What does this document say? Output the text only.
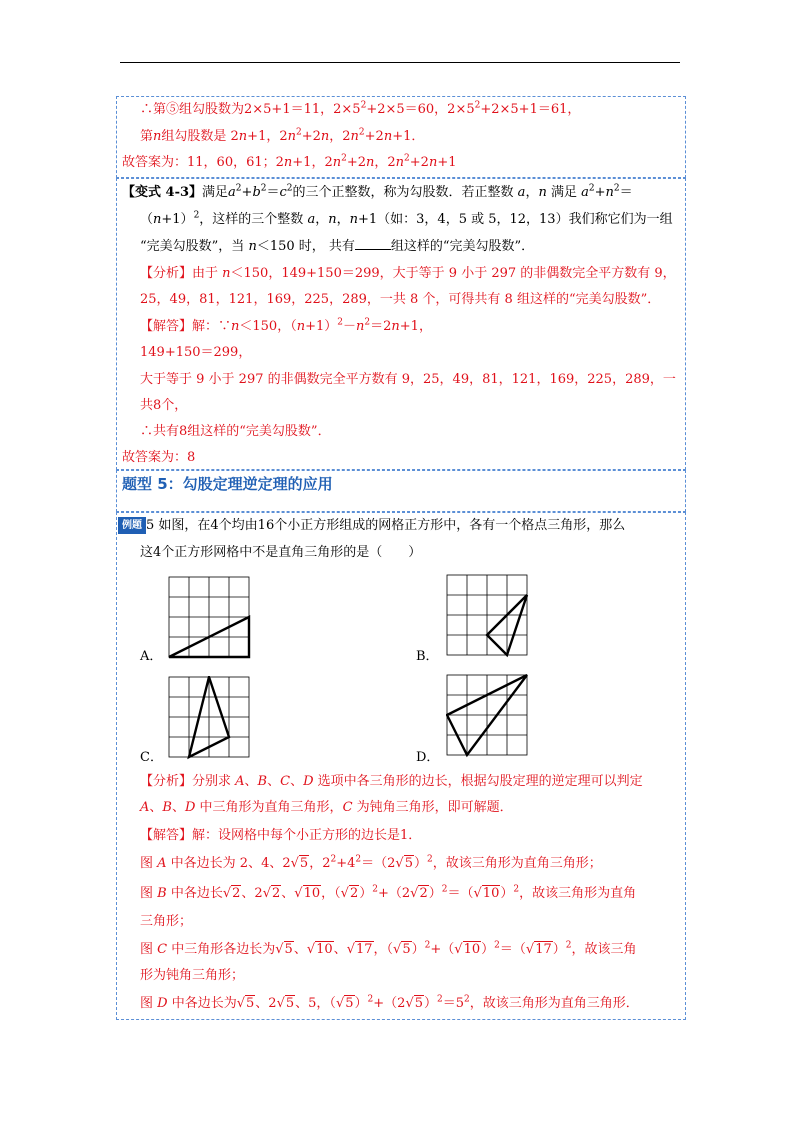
∴第⑤组勾股数为2×5+1＝11，$2\times 5^2+2\times 5=60$，$2\times 5^2+2\times 5+1=61$，
第n组勾股数是 2n+1，$2n^2+2n$，$2n^2+2n+1$．
故答案为：11，60，61；2n+1，$2n^2+2n$，$2n^2+2n+1$
【变式 4-3】满足$a^2+b^2=c^2$的三个正整数，称为勾股数．若正整数 a，n 满足 $a^2+n^2=$
$(n+1)^2$，这样的三个整数 a，n，n+1（如：3，4，5 或 5，12，13）我们称它们为一组
“完美勾股数”，当 n＜150 时， 共有	组这样的“完美勾股数”．
【分析】由于 n＜150，149+150＝299，大于等于 9 小于 297 的非偶数完全平方数有 9，
25，49，81，121，169，225，289，一共 8 个，可得共有 8 组这样的“完美勾股数”．
【解答】解：∵n＜150，$(n+1)^2-n^2=2n+1$，
149+150＝299，
大于等于 9 小于 297 的非偶数完全平方数有 9，25，49，81，121，169，225，289，一
共8个，
∴共有8组这样的“完美勾股数”．
故答案为：8
题型 5：勾股定理逆定理的应用
例题 5 如图，在4个均由16个小正方形组成的网格正方形中，各有一个格点三角形，那么
这4个正方形网格中不是直角三角形的是（　　）
A．	B．
C．	D．
【分析】分别求 A、B、C、D 选项中各三角形的边长，根据勾股定理的逆定理可以判定
A、B、D 中三角形为直角三角形，C 为钝角三角形，即可解题．
【解答】解：设网格中每个小正方形的边长是1．
图 A 中各边长为 2、4、2√5，$2^2+4^2=(2√5)^2$，故该三角形为直角三角形；
图 B 中各边长√2、2√2、√10，$(√2)^2+(2√2)^2=(√10)^2$，故该三角形为直角
三角形；
图 C 中三角形各边长为√5、√10、√17，$(√5)^2+(√10)^2=(√17)^2$，故该三角
形为钝角三角形；
图 D 中各边长为√5、2√5、5，$(√5)^2+(2√5)^2=5^2$，故该三角形为直角三角形．
